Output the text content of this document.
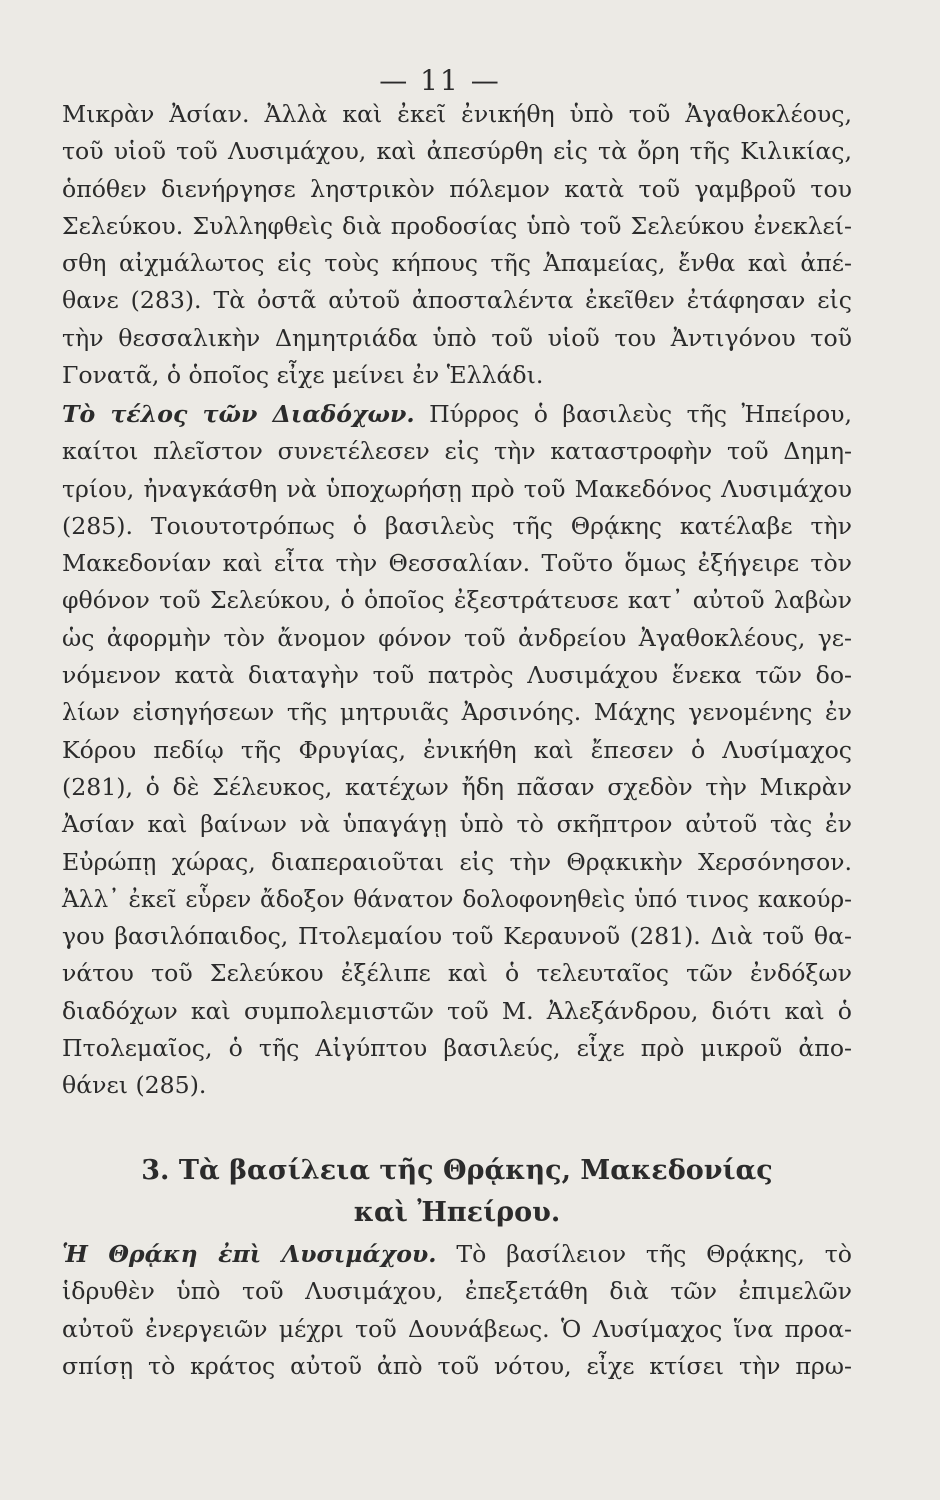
— 11 —
Μικρὰν Ἀσίαν. Ἀλλὰ καὶ ἐκεῖ ἐνικήθη ὑπὸ τοῦ Ἀγαθοκλέους,
τοῦ υἱοῦ τοῦ Λυσιμάχου, καὶ ἀπεσύρθη εἰς τὰ ὄρη τῆς Κιλικίας,
ὁπόθεν διενήργησε ληστρικὸν πόλεμον κατὰ τοῦ γαμβροῦ του
Σελεύκου. Συλληφθεὶς διὰ προδοσίας ὑπὸ τοῦ Σελεύκου ἐνεκλεί-
σθη αἰχμάλωτος εἰς τοὺς κήπους τῆς Ἀπαμείας, ἔνθα καὶ ἀπέ-
θανε (283). Τὰ ὀστᾶ αὐτοῦ ἀποσταλέντα ἐκεῖθεν ἐτάφησαν εἰς
τὴν θεσσαλικὴν Δημητριάδα ὑπὸ τοῦ υἱοῦ του Ἀντιγόνου τοῦ
Γονατᾶ, ὁ ὁποῖος εἶχε μείνει ἐν Ἑλλάδι.
Τὸ τέλος τῶν Διαδόχων. Πύρρος ὁ βασιλεὺς τῆς Ἠπείρου,
καίτοι πλεῖστον συνετέλεσεν εἰς τὴν καταστροφὴν τοῦ Δημη-
τρίου, ἠναγκάσθη νὰ ὑποχωρήσῃ πρὸ τοῦ Μακεδόνος Λυσιμάχου
(285). Τοιουτοτρόπως ὁ βασιλεὺς τῆς Θρᾴκης κατέλαβε τὴν
Μακεδονίαν καὶ εἶτα τὴν Θεσσαλίαν. Τοῦτο ὅμως ἐξήγειρε τὸν
φθόνον τοῦ Σελεύκου, ὁ ὁποῖος ἐξεστράτευσε κατ᾽ αὐτοῦ λαβὼν
ὡς ἀφορμὴν τὸν ἄνομον φόνον τοῦ ἀνδρείου Ἀγαθοκλέους, γε-
νόμενον κατὰ διαταγὴν τοῦ πατρὸς Λυσιμάχου ἕνεκα τῶν δο-
λίων εἰσηγήσεων τῆς μητρυιᾶς Ἀρσινόης. Μάχης γενομένης ἐν
Κόρου πεδίῳ τῆς Φρυγίας, ἐνικήθη καὶ ἔπεσεν ὁ Λυσίμαχος
(281), ὁ δὲ Σέλευκος, κατέχων ἤδη πᾶσαν σχεδὸν τὴν Μικρὰν
Ἀσίαν καὶ βαίνων νὰ ὑπαγάγῃ ὑπὸ τὸ σκῆπτρον αὐτοῦ τὰς ἐν
Εὐρώπῃ χώρας, διαπεραιοῦται εἰς τὴν Θρᾳκικὴν Χερσόνησον.
Ἀλλ᾽ ἐκεῖ εὗρεν ἄδοξον θάνατον δολοφονηθεὶς ὑπό τινος κακούρ-
γου βασιλόπαιδος, Πτολεμαίου τοῦ Κεραυνοῦ (281). Διὰ τοῦ θα-
νάτου τοῦ Σελεύκου ἐξέλιπε καὶ ὁ τελευταῖος τῶν ἐνδόξων
διαδόχων καὶ συμπολεμιστῶν τοῦ Μ. Ἀλεξάνδρου, διότι καὶ ὁ
Πτολεμαῖος, ὁ τῆς Αἰγύπτου βασιλεύς, εἶχε πρὸ μικροῦ ἀπο-
θάνει (285).
3. Τὰ βασίλεια τῆς Θρᾴκης, Μακεδονίας
καὶ Ἠπείρου.
Ἡ Θρᾴκη ἐπὶ Λυσιμάχου. Τὸ βασίλειον τῆς Θρᾴκης, τὸ
ἱδρυθὲν ὑπὸ τοῦ Λυσιμάχου, ἐπεξετάθη διὰ τῶν ἐπιμελῶν
αὐτοῦ ἐνεργειῶν μέχρι τοῦ Δουνάβεως. Ὁ Λυσίμαχος ἵνα προα-
σπίσῃ τὸ κράτος αὐτοῦ ἀπὸ τοῦ νότου, εἶχε κτίσει τὴν πρω-
